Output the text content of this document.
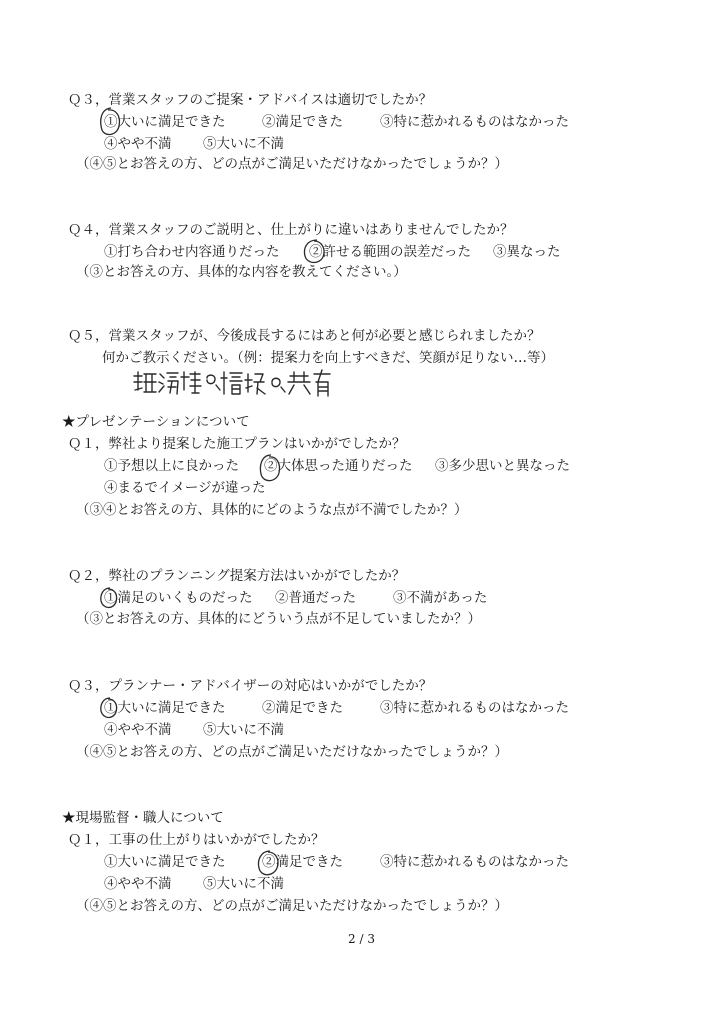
Ｑ３，営業スタッフのご提案・アドバイスは適切でしたか？
①大いに満足できた	②満足できた	③特に惹かれるものはなかった
④やや不満 ⑤大いに不満
（④⑤とお答えの方、どの点がご満足いただけなかったでしょうか？）
Ｑ４，営業スタッフのご説明と、仕上がりに違いはありませんでしたか？
①打ち合わせ内容通りだった ②許せる範囲の誤差だった ③異なった
（③とお答えの方、具体的な内容を教えてください。）
Ｑ５，営業スタッフが、今後成長するにはあと何が必要と感じられましたか？
何かご教示ください。（例：提案力を向上すべきだ、笑顔が足りない…等）
★プレゼンテーションについて
Ｑ１，弊社より提案した施工プランはいかがでしたか？
①予想以上に良かった ②大体思った通りだった ③多少思いと異なった
④まるでイメージが違った
（③④とお答えの方、具体的にどのような点が不満でしたか？）
Ｑ２，弊社のプランニング提案方法はいかがでしたか？
①満足のいくものだった ②普通だった	③不満があった
（③とお答えの方、具体的にどういう点が不足していましたか？）
Ｑ３，プランナー・アドバイザーの対応はいかがでしたか？
①大いに満足できた	②満足できた	③特に惹かれるものはなかった
④やや不満 ⑤大いに不満
（④⑤とお答えの方、どの点がご満足いただけなかったでしょうか？）
★現場監督・職人について
Ｑ１，工事の仕上がりはいかがでしたか？
①大いに満足できた	②満足できた	③特に惹かれるものはなかった
④やや不満 ⑤大いに不満
（④⑤とお答えの方、どの点がご満足いただけなかったでしょうか？）
2 / 3
